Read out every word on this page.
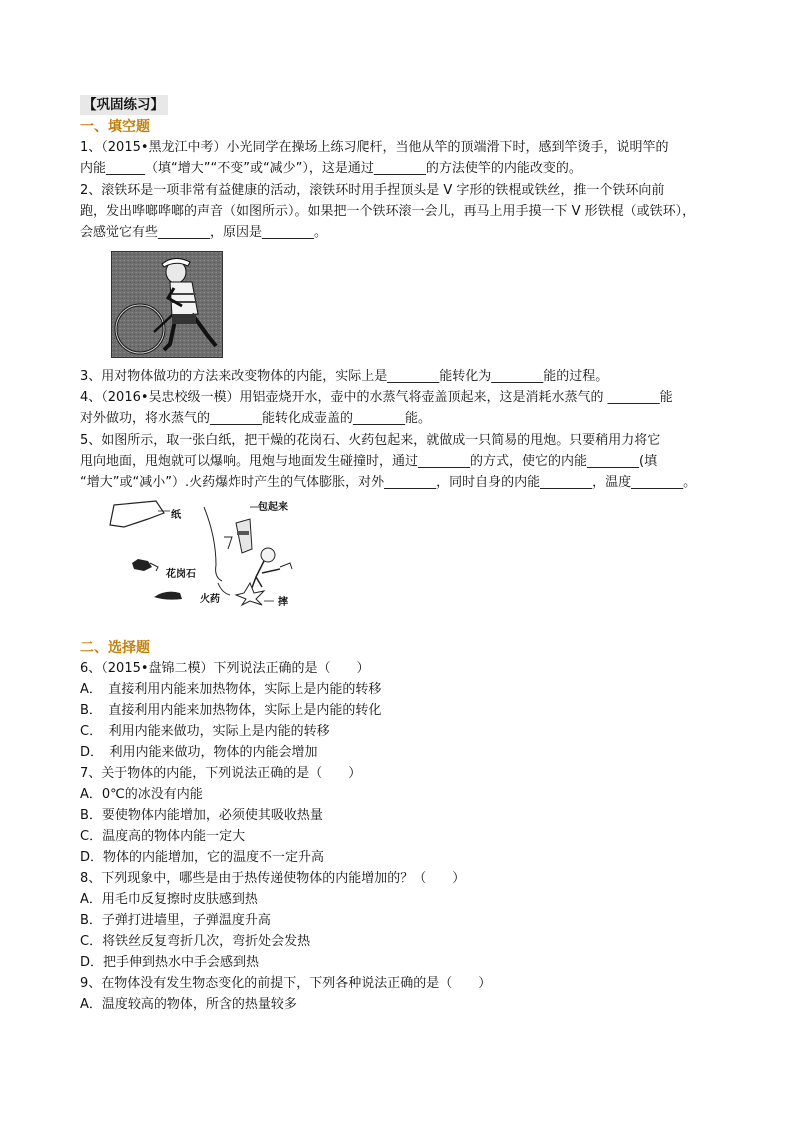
【巩固练习】
一、填空题
1、（2015•黑龙江中考）小光同学在操场上练习爬杆，当他从竿的顶端滑下时，感到竿烫手，说明竿的
内能______（填“增大”“不变”或“减少”），这是通过________的方法使竿的内能改变的。
2、滚铁环是一项非常有益健康的活动，滚铁环时用手捏顶头是 V 字形的铁棍或铁丝，推一个铁环向前
跑，发出哗啷哗啷的声音（如图所示）。如果把一个铁环滚一会儿，再马上用手摸一下 V 形铁棍（或铁环），
会感觉它有些________，原因是________。
3、用对物体做功的方法来改变物体的内能，实际上是________能转化为________能的过程。
4、（2016•吴忠校级一模）用铝壶烧开水，壶中的水蒸气将壶盖顶起来，这是消耗水蒸气的 ________能
对外做功，将水蒸气的________能转化成壶盖的________能。
5、如图所示，取一张白纸，把干燥的花岗石、火药包起来，就做成一只简易的甩炮。只要稍用力将它
甩向地面，甩炮就可以爆响。甩炮与地面发生碰撞时，通过________的方式，使它的内能________(填
“增大”或“减小”）.火药爆炸时产生的气体膨胀，对外________，同时自身的内能________，温度________。
纸
包起来
花岗石
火药	摔
二、选择题
6、（2015•盘锦二模）下列说法正确的是（　　）
A．　直接利用内能来加热物体，实际上是内能的转移
B．　直接利用内能来加热物体，实际上是内能的转化
C．　利用内能来做功，实际上是内能的转移
D．　利用内能来做功，物体的内能会增加
7、关于物体的内能，下列说法正确的是（　　）
A．0℃的冰没有内能
B．要使物体内能增加，必须使其吸收热量
C．温度高的物体内能一定大
D．物体的内能增加，它的温度不一定升高
8、下列现象中，哪些是由于热传递使物体的内能增加的？（　　）
A．用毛巾反复擦时皮肤感到热
B．子弹打进墙里，子弹温度升高
C．将铁丝反复弯折几次，弯折处会发热
D．把手伸到热水中手会感到热
9、在物体没有发生物态变化的前提下，下列各种说法正确的是（　　）
A．温度较高的物体，所含的热量较多
